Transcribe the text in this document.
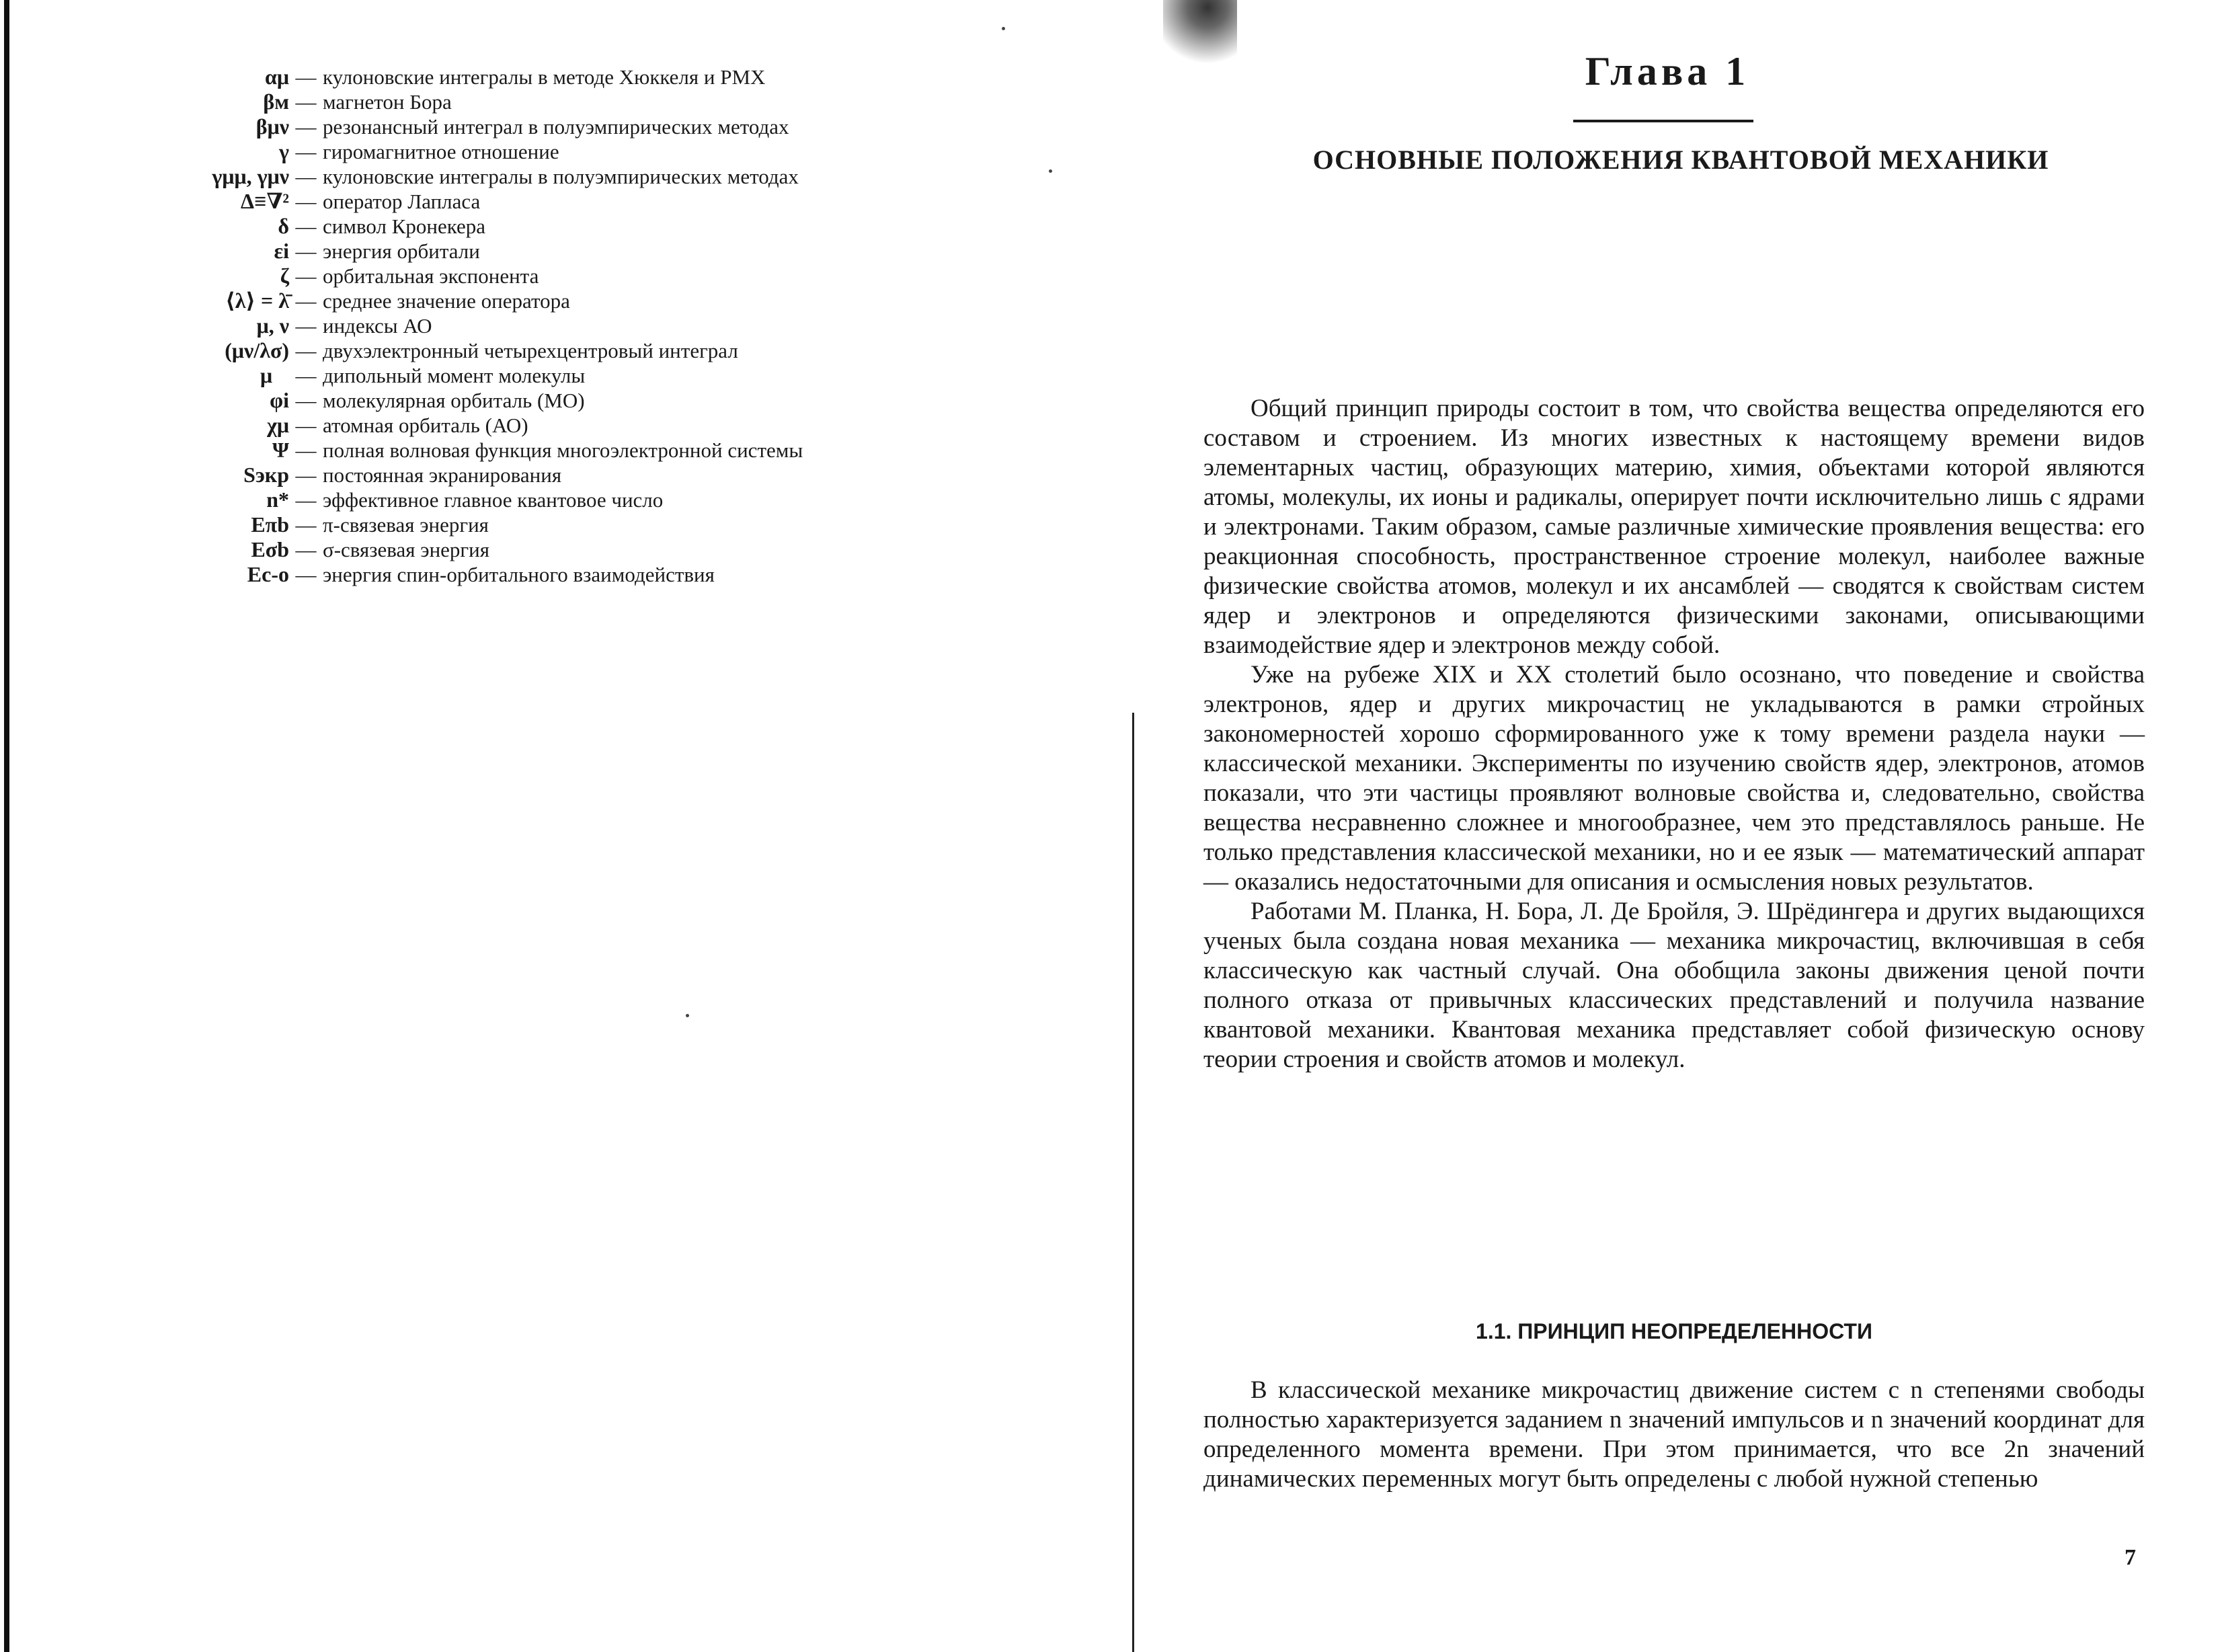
αμ — кулоновские интегралы в методе Хюккеля и РМХ
βм — магнетон Бора
βμν — резонансный интеграл в полуэмпирических методах
γ — гиромагнитное отношение
γμμ, γμν — кулоновские интегралы в полуэмпирических методах
Δ≡∇² — оператор Лапласа
δ — символ Кронекера
εi — энергия орбитали
ζ — орбитальная экспонента
⟨λ⟩ = λ̄ — среднее значение оператора
μ, ν — индексы АО
(μν/λσ) — двухэлектронный четырехцентровый интеграл
μ⃗ — дипольный момент молекулы
φi — молекулярная орбиталь (МО)
χμ — атомная орбиталь (АО)
Ψ — полная волновая функция многоэлектронной системы
Sэкр — постоянная экранирования
n* — эффективное главное квантовое число
Eπb — π-связевая энергия
Eσb — σ-связевая энергия
Ec-o — энергия спин-орбитального взаимодействия
Глава 1
ОСНОВНЫЕ ПОЛОЖЕНИЯ КВАНТОВОЙ МЕХАНИКИ

Общий принцип природы состоит в том, что свойства вещества определяются его составом и строением. Из многих известных к настоящему времени видов элементарных частиц, образующих материю, химия, объектами которой являются атомы, молекулы, их ионы и радикалы, оперирует почти исключительно лишь с ядрами и электронами. Таким образом, самые различные химические проявления вещества: его реакционная способность, пространственное строение молекул, наиболее важные физические свойства атомов, молекул и их ансамблей — сводятся к свойствам систем ядер и электронов и определяются физическими законами, описывающими взаимодействие ядер и электронов между собой.

Уже на рубеже XIX и XX столетий было осознано, что поведение и свойства электронов, ядер и других микрочастиц не укладываются в рамки стройных закономерностей хорошо сформированного уже к тому времени раздела науки — классической механики. Эксперименты по изучению свойств ядер, электронов, атомов показали, что эти частицы проявляют волновые свойства и, следовательно, свойства вещества несравненно сложнее и многообразнее, чем это представлялось раньше. Не только представления классической механики, но и ее язык — математический аппарат — оказались недостаточными для описания и осмысления новых результатов.

Работами М. Планка, Н. Бора, Л. Де Бройля, Э. Шрёдингера и других выдающихся ученых была создана новая механика — механика микрочастиц, включившая в себя классическую как частный случай. Она обобщила законы движения ценой почти полного отказа от привычных классических представлений и получила название квантовой механики. Квантовая механика представляет собой физическую основу теории строения и свойств атомов и молекул.

1.1. ПРИНЦИП НЕОПРЕДЕЛЕННОСТИ

В классической механике микрочастиц движение систем с n степенями свободы полностью характеризуется заданием n значений импульсов и n значений координат для определенного момента времени. При этом принимается, что все 2n значений динамических переменных могут быть определены с любой нужной степенью

7
